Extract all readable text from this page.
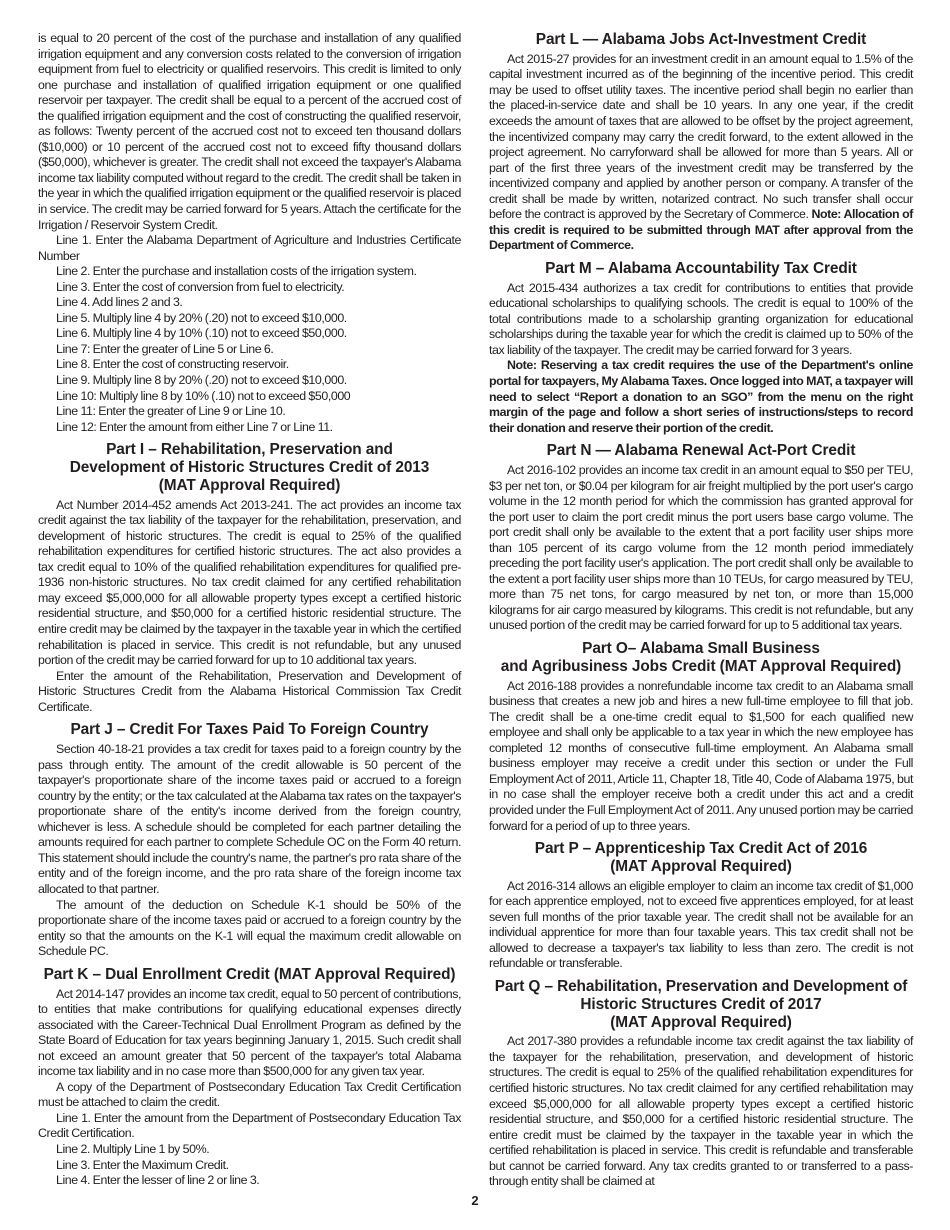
is equal to 20 percent of the cost of the purchase and installation of any qualified irrigation equipment and any conversion costs related to the conversion of irrigation equipment from fuel to electricity or qualified reservoirs. This credit is limited to only one purchase and installation of qualified irrigation equipment or one qualified reservoir per taxpayer. The credit shall be equal to a percent of the accrued cost of the qualified irrigation equipment and the cost of constructing the qualified reservoir, as follows: Twenty percent of the accrued cost not to exceed ten thousand dollars ($10,000) or 10 percent of the accrued cost not to exceed fifty thousand dollars ($50,000), whichever is greater. The credit shall not exceed the taxpayer's Alabama income tax liability computed without regard to the credit. The credit shall be taken in the year in which the qualified irrigation equipment or the qualified reservoir is placed in service. The credit may be carried forward for 5 years. Attach the certificate for the Irrigation / Reservoir System Credit.

Line 1. Enter the Alabama Department of Agriculture and Industries Certificate Number

Line 2. Enter the purchase and installation costs of the irrigation system.

Line 3. Enter the cost of conversion from fuel to electricity.

Line 4. Add lines 2 and 3.

Line 5. Multiply line 4 by 20% (.20) not to exceed $10,000.

Line 6. Multiply line 4 by 10% (.10) not to exceed $50,000.

Line 7: Enter the greater of Line 5 or Line 6.

Line 8. Enter the cost of constructing reservoir.

Line 9. Multiply line 8 by 20% (.20) not to exceed $10,000.

Line 10: Multiply line 8 by 10% (.10) not to exceed $50,000

Line 11: Enter the greater of Line 9 or Line 10.

Line 12: Enter the amount from either Line 7 or Line 11.

Part I – Rehabilitation, Preservation and
Development of Historic Structures Credit of 2013
(MAT Approval Required)

Act Number 2014-452 amends Act 2013-241. The act provides an income tax credit against the tax liability of the taxpayer for the rehabilitation, preservation, and development of historic structures. The credit is equal to 25% of the qualified rehabilitation expenditures for certified historic structures. The act also provides a tax credit equal to 10% of the qualified rehabilitation expenditures for qualified pre-1936 non-historic structures. No tax credit claimed for any certified rehabilitation may exceed $5,000,000 for all allowable property types except a certified historic residential structure, and $50,000 for a certified historic residential structure. The entire credit may be claimed by the taxpayer in the taxable year in which the certified rehabilitation is placed in service. This credit is not refundable, but any unused portion of the credit may be carried forward for up to 10 additional tax years.

Enter the amount of the Rehabilitation, Preservation and Development of Historic Structures Credit from the Alabama Historical Commission Tax Credit Certificate.

Part J – Credit For Taxes Paid To Foreign Country

Section 40-18-21 provides a tax credit for taxes paid to a foreign country by the pass through entity. The amount of the credit allowable is 50 percent of the taxpayer's proportionate share of the income taxes paid or accrued to a foreign country by the entity; or the tax calculated at the Alabama tax rates on the taxpayer's proportionate share of the entity's income derived from the foreign country, whichever is less. A schedule should be completed for each partner detailing the amounts required for each partner to complete Schedule OC on the Form 40 return. This statement should include the country's name, the partner's pro rata share of the entity and of the foreign income, and the pro rata share of the foreign income tax allocated to that partner.

The amount of the deduction on Schedule K-1 should be 50% of the proportionate share of the income taxes paid or accrued to a foreign country by the entity so that the amounts on the K-1 will equal the maximum credit allowable on Schedule PC.

Part K – Dual Enrollment Credit (MAT Approval Required)

Act 2014-147 provides an income tax credit, equal to 50 percent of contributions, to entities that make contributions for qualifying educational expenses directly associated with the Career-Technical Dual Enrollment Program as defined by the State Board of Education for tax years beginning January 1, 2015. Such credit shall not exceed an amount greater that 50 percent of the taxpayer's total Alabama income tax liability and in no case more than $500,000 for any given tax year.

A copy of the Department of Postsecondary Education Tax Credit Certification must be attached to claim the credit.

Line 1. Enter the amount from the Department of Postsecondary Education Tax Credit Certification.

Line 2. Multiply Line 1 by 50%.

Line 3. Enter the Maximum Credit.

Line 4. Enter the lesser of line 2 or line 3.

Part L — Alabama Jobs Act-Investment Credit

Act 2015-27 provides for an investment credit in an amount equal to 1.5% of the capital investment incurred as of the beginning of the incentive period. This credit may be used to offset utility taxes. The incentive period shall begin no earlier than the placed-in-service date and shall be 10 years. In any one year, if the credit exceeds the amount of taxes that are allowed to be offset by the project agreement, the incentivized company may carry the credit forward, to the extent allowed in the project agreement. No carryforward shall be allowed for more than 5 years. All or part of the first three years of the investment credit may be transferred by the incentivized company and applied by another person or company. A transfer of the credit shall be made by written, notarized contract. No such transfer shall occur before the contract is approved by the Secretary of Commerce. Note: Allocation of this credit is required to be submitted through MAT after approval from the Department of Commerce.

Part M – Alabama Accountability Tax Credit

Act 2015-434 authorizes a tax credit for contributions to entities that provide educational scholarships to qualifying schools. The credit is equal to 100% of the total contributions made to a scholarship granting organization for educational scholarships during the taxable year for which the credit is claimed up to 50% of the tax liability of the taxpayer. The credit may be carried forward for 3 years.

Note: Reserving a tax credit requires the use of the Department's online portal for taxpayers, My Alabama Taxes. Once logged into MAT, a taxpayer will need to select “Report a donation to an SGO” from the menu on the right margin of the page and follow a short series of instructions/steps to record their donation and reserve their portion of the credit.

Part N — Alabama Renewal Act-Port Credit

Act 2016-102 provides an income tax credit in an amount equal to $50 per TEU, $3 per net ton, or $0.04 per kilogram for air freight multiplied by the port user's cargo volume in the 12 month period for which the commission has granted approval for the port user to claim the port credit minus the port users base cargo volume. The port credit shall only be available to the extent that a port facility user ships more than 105 percent of its cargo volume from the 12 month period immediately preceding the port facility user's application. The port credit shall only be available to the extent a port facility user ships more than 10 TEUs, for cargo measured by TEU, more than 75 net tons, for cargo measured by net ton, or more than 15,000 kilograms for air cargo measured by kilograms. This credit is not refundable, but any unused portion of the credit may be carried forward for up to 5 additional tax years.

Part O– Alabama Small Business
and Agribusiness Jobs Credit (MAT Approval Required)

Act 2016-188 provides a nonrefundable income tax credit to an Alabama small business that creates a new job and hires a new full-time employee to fill that job. The credit shall be a one-time credit equal to $1,500 for each qualified new employee and shall only be applicable to a tax year in which the new employee has completed 12 months of consecutive full-time employment. An Alabama small business employer may receive a credit under this section or under the Full Employment Act of 2011, Article 11, Chapter 18, Title 40, Code of Alabama 1975, but in no case shall the employer receive both a credit under this act and a credit provided under the Full Employment Act of 2011. Any unused portion may be carried forward for a period of up to three years.

Part P – Apprenticeship Tax Credit Act of 2016
(MAT Approval Required)

Act 2016-314 allows an eligible employer to claim an income tax credit of $1,000 for each apprentice employed, not to exceed five apprentices employed, for at least seven full months of the prior taxable year. The credit shall not be available for an individual apprentice for more than four taxable years. This tax credit shall not be allowed to decrease a taxpayer's tax liability to less than zero. The credit is not refundable or transferable.

Part Q – Rehabilitation, Preservation and Development of
Historic Structures Credit of 2017
(MAT Approval Required)

Act 2017-380 provides a refundable income tax credit against the tax liability of the taxpayer for the rehabilitation, preservation, and development of historic structures. The credit is equal to 25% of the qualified rehabilitation expenditures for certified historic structures. No tax credit claimed for any certified rehabilitation may exceed $5,000,000 for all allowable property types except a certified historic residential structure, and $50,000 for a certified historic residential structure. The entire credit must be claimed by the taxpayer in the taxable year in which the certified rehabilitation is placed in service. This credit is refundable and transferable but cannot be carried forward. Any tax credits granted to or transferred to a pass-through entity shall be claimed at

2
